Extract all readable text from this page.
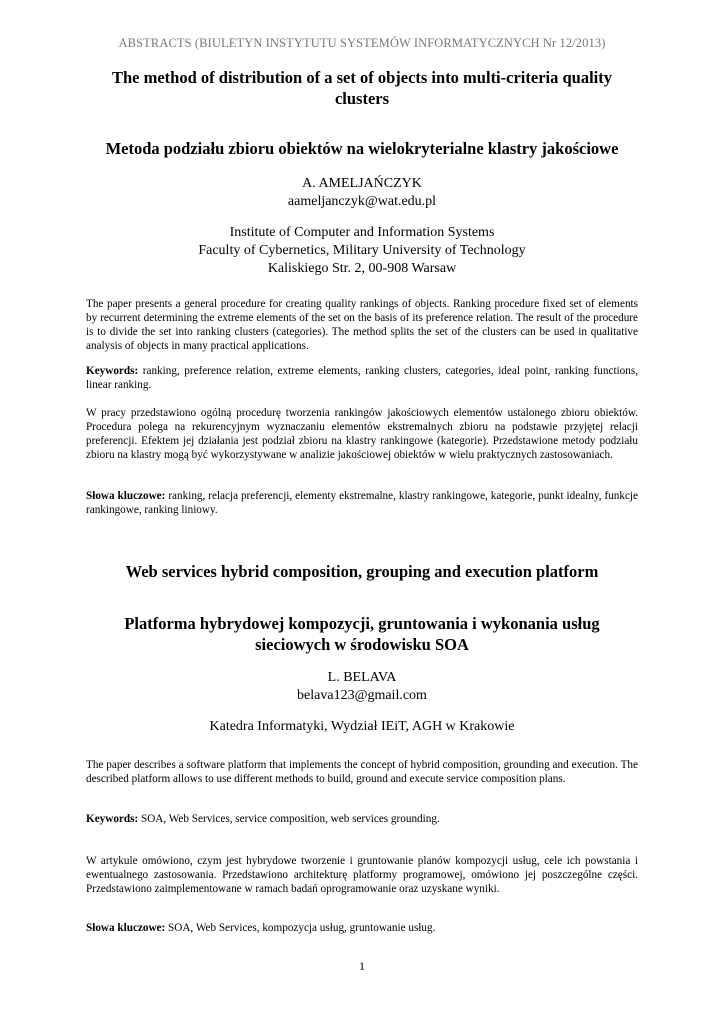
ABSTRACTS (BIULETYN INSTYTUTU SYSTEMÓW INFORMATYCZNYCH Nr 12/2013)
The method of distribution of a set of objects into multi-criteria quality clusters
Metoda podziału zbioru obiektów na wielokryterialne klastry jakościowe
A. AMELJAŃCZYK
aameljanczyk@wat.edu.pl
Institute of Computer and Information Systems
Faculty of Cybernetics, Military University of Technology
Kaliskiego Str. 2, 00-908 Warsaw

The paper presents a general procedure for creating quality rankings of objects. Ranking procedure fixed set of elements by recurrent determining the extreme elements of the set on the basis of its preference relation. The result of the procedure is to divide the set into ranking clusters (categories). The method splits the set of the clusters can be used in qualitative analysis of objects in many practical applications.

Keywords: ranking, preference relation, extreme elements, ranking clusters, categories, ideal point, ranking functions, linear ranking.

W pracy przedstawiono ogólną procedurę tworzenia rankingów jakościowych elementów ustalonego zbioru obiektów. Procedura polega na rekurencyjnym wyznaczaniu elementów ekstremalnych zbioru na podstawie przyjętej relacji preferencji. Efektem jej działania jest podział zbioru na klastry rankingowe (kategorie). Przedstawione metody podziału zbioru na klastry mogą być wykorzystywane w analizie jakościowej obiektów w wielu praktycznych zastosowaniach.

Słowa kluczowe: ranking, relacja preferencji, elementy ekstremalne, klastry rankingowe, kategorie, punkt idealny, funkcje rankingowe, ranking liniowy.

Web services hybrid composition, grouping and execution platform
Platforma hybrydowej kompozycji, gruntowania i wykonania usług sieciowych w środowisku SOA
L. BELAVA
belava123@gmail.com
Katedra Informatyki, Wydział IEiT, AGH w Krakowie

The paper describes a software platform that implements the concept of hybrid composition, grounding and execution. The described platform allows to use different methods to build, ground and execute service composition plans.

Keywords: SOA, Web Services, service composition, web services grounding.

W artykule omówiono, czym jest hybrydowe tworzenie i gruntowanie planów kompozycji usług, cele ich powstania i ewentualnego zastosowania. Przedstawiono architekturę platformy programowej, omówiono jej poszczególne części. Przedstawiono zaimplementowane w ramach badań oprogramowanie oraz uzyskane wyniki.

Słowa kluczowe: SOA, Web Services, kompozycja usług, gruntowanie usług.

1
